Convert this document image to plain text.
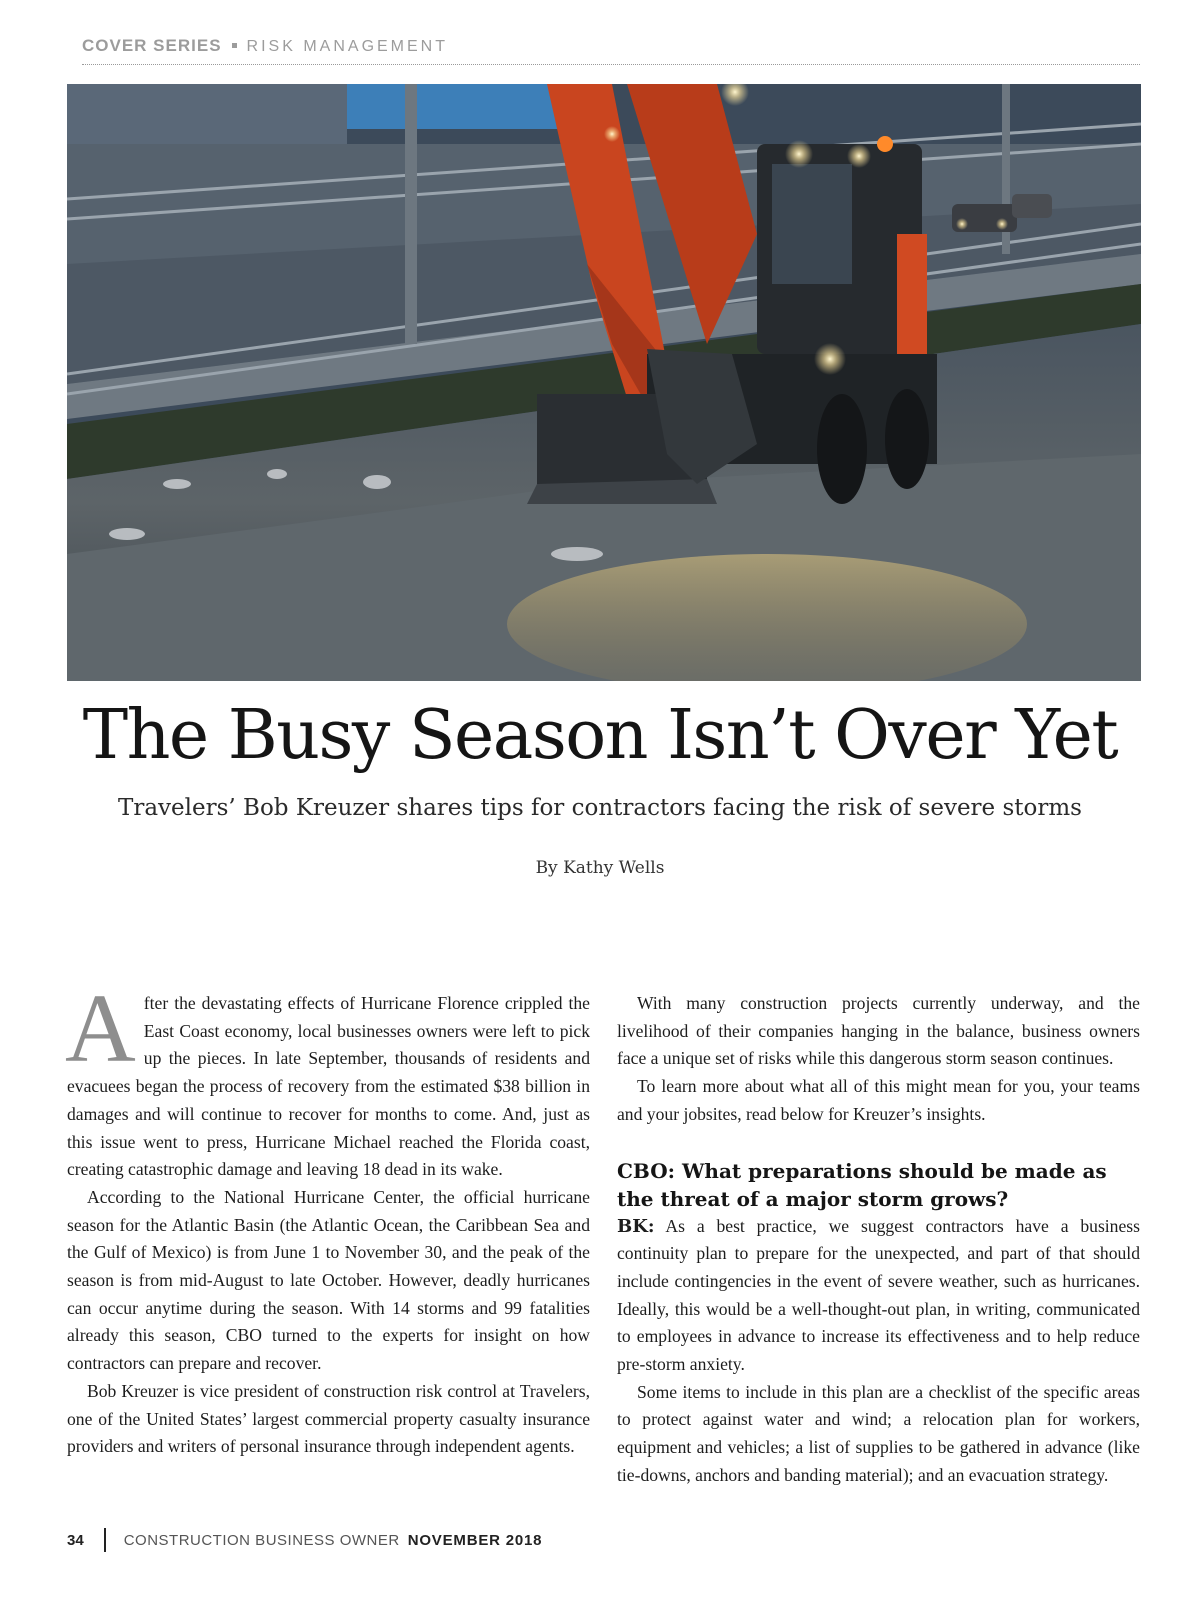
COVER SERIES RISK MANAGEMENT
The Busy Season Isn’t Over Yet
Travelers’ Bob Kreuzer shares tips for contractors facing the risk of severe storms
By Kathy Wells

After the devastating effects of Hurricane Florence crippled the East Coast economy, local businesses owners were left to pick up the pieces. In late September, thousands of residents and evacuees began the process of recovery from the estimated $38 billion in damages and will continue to recover for months to come. And, just as this issue went to press, Hurricane Michael reached the Florida coast, creating catastrophic damage and leaving 18 dead in its wake.

According to the National Hurricane Center, the official hurricane season for the Atlantic Basin (the Atlantic Ocean, the Caribbean Sea and the Gulf of Mexico) is from June 1 to November 30, and the peak of the season is from mid-August to late October. However, deadly hurricanes can occur anytime during the season. With 14 storms and 99 fatalities already this season, CBO turned to the experts for insight on how contractors can prepare and recover.

Bob Kreuzer is vice president of construction risk control at Travelers, one of the United States’ largest commercial property casualty insurance providers and writers of personal insurance through independent agents.

With many construction projects currently underway, and the livelihood of their companies hanging in the balance, business owners face a unique set of risks while this dangerous storm season continues.

To learn more about what all of this might mean for you, your teams and your jobsites, read below for Kreuzer’s insights.

CBO: What preparations should be made as the threat of a major storm grows?

BK: As a best practice, we suggest contractors have a business continuity plan to prepare for the unexpected, and part of that should include contingencies in the event of severe weather, such as hurricanes. Ideally, this would be a well-thought-out plan, in writing, communicated to employees in advance to increase its effectiveness and to help reduce pre-storm anxiety.

Some items to include in this plan are a checklist of the specific areas to protect against water and wind; a relocation plan for workers, equipment and vehicles; a list of supplies to be gathered in advance (like tie-downs, anchors and banding material); and an evacuation strategy.

34	CONSTRUCTION BUSINESS OWNER NOVEMBER 2018
